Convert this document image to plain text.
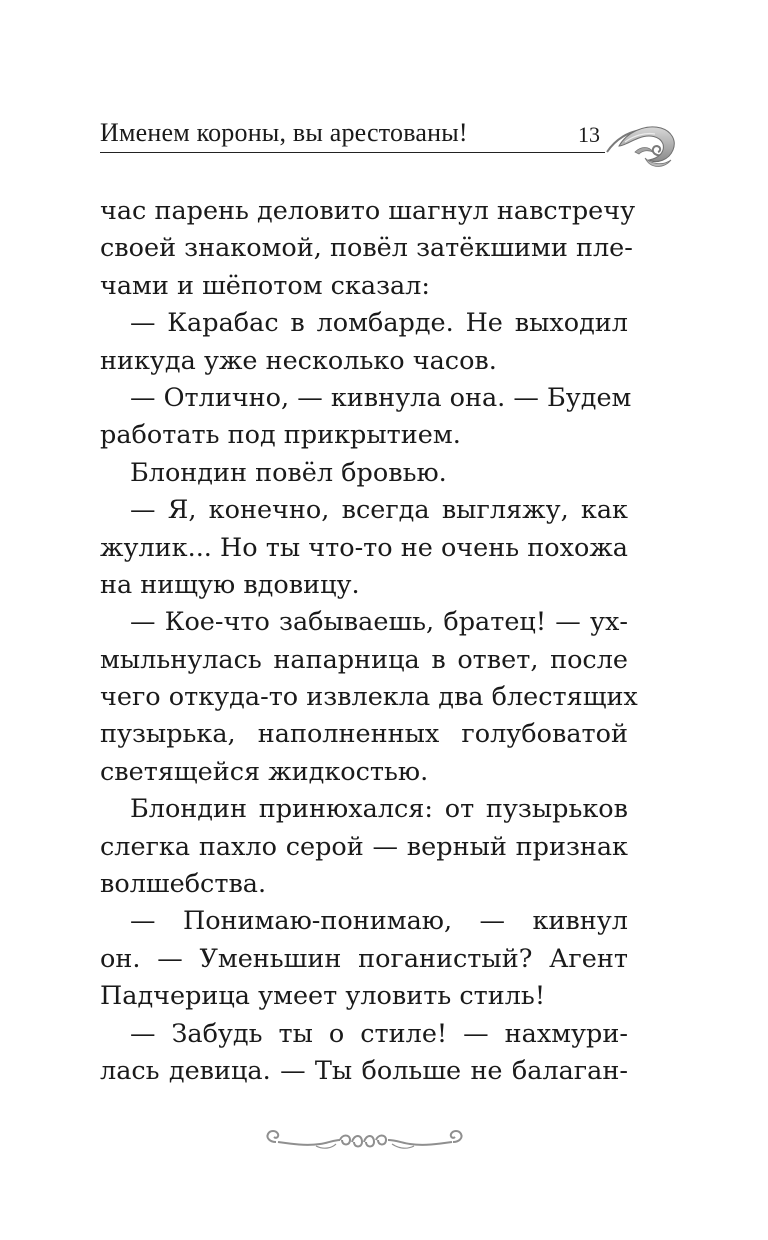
Именем короны, вы арестованы!	13
час парень деловито шагнул навстречу
своей знакомой, повёл затёкшими пле-
чами и шёпотом сказал:
— Карабас в ломбарде. Не выходил
никуда уже несколько часов.
— Отлично, — кивнула она. — Будем
работать под прикрытием.
Блондин повёл бровью.
— Я, конечно, всегда выгляжу, как
жулик... Но ты что-то не очень похожа
на нищую вдовицу.
— Кое-что забываешь, братец! — ух-
мыльнулась напарница в ответ, после
чего откуда-то извлекла два блестящих
пузырька, наполненных голубоватой
светящейся жидкостью.
Блондин принюхался: от пузырьков
слегка пахло серой — верный признак
волшебства.
— Понимаю-понимаю, — кивнул
он. — Уменьшин поганистый? Агент
Падчерица умеет уловить стиль!
— Забудь ты о стиле! — нахмури-
лась девица. — Ты больше не балаган-
